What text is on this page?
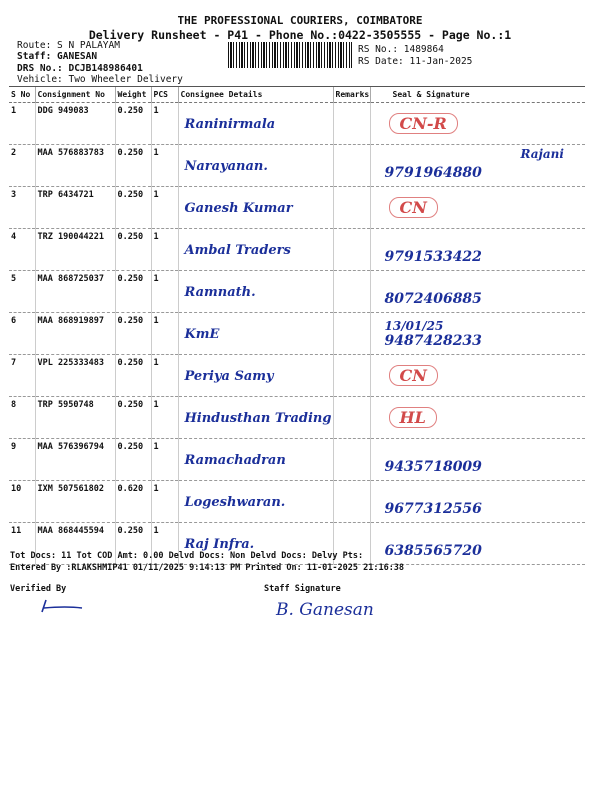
THE PROFESSIONAL COURIERS, COIMBATORE
Delivery Runsheet - P41 - Phone No.:0422-3505555 - Page No.:1
Route: S N PALAYAM
Staff: GANESAN
DRS No.: DCJB148986401
Vehicle: Two Wheeler Delivery
RS No.: 1489864
RS Date: 11-Jan-2025
S No	Consignment No	Weight	PCS	Consignee Details	Remarks	Seal & Signature
1	DDG 949083	0.250	1	Raninirmala		CN-R

2	MAA 576883783	0.250	1	Narayanan.		Rajani
9791964880

3	TRP 6434721	0.250	1	Ganesh Kumar		CN

4	TRZ 190044221	0.250	1	Ambal Traders		9791533422

5	MAA 868725037	0.250	1	Ramnath.		8072406885

6	MAA 868919897	0.250	1	KmE		13/01/25
9487428233

7	VPL 225333483	0.250	1	Periya Samy		CN

8	TRP 5950748	0.250	1	Hindusthan Trading		HL

9	MAA 576396794	0.250	1	Ramachadran		9435718009

10	IXM 507561802	0.620	1	Logeshwaran.		9677312556

11	MAA 868445594	0.250	1	Raj Infra.		6385565720
Tot Docs: 11 Tot COD Amt: 0.00 Delvd Docs: Non Delvd Docs: Delvy Pts:
Entered By :RLAKSHMIP41 01/11/2025 9:14:13 PM Printed On: 11-01-2025 21:16:38
Verified By	Staff Signature
B. Ganesan
